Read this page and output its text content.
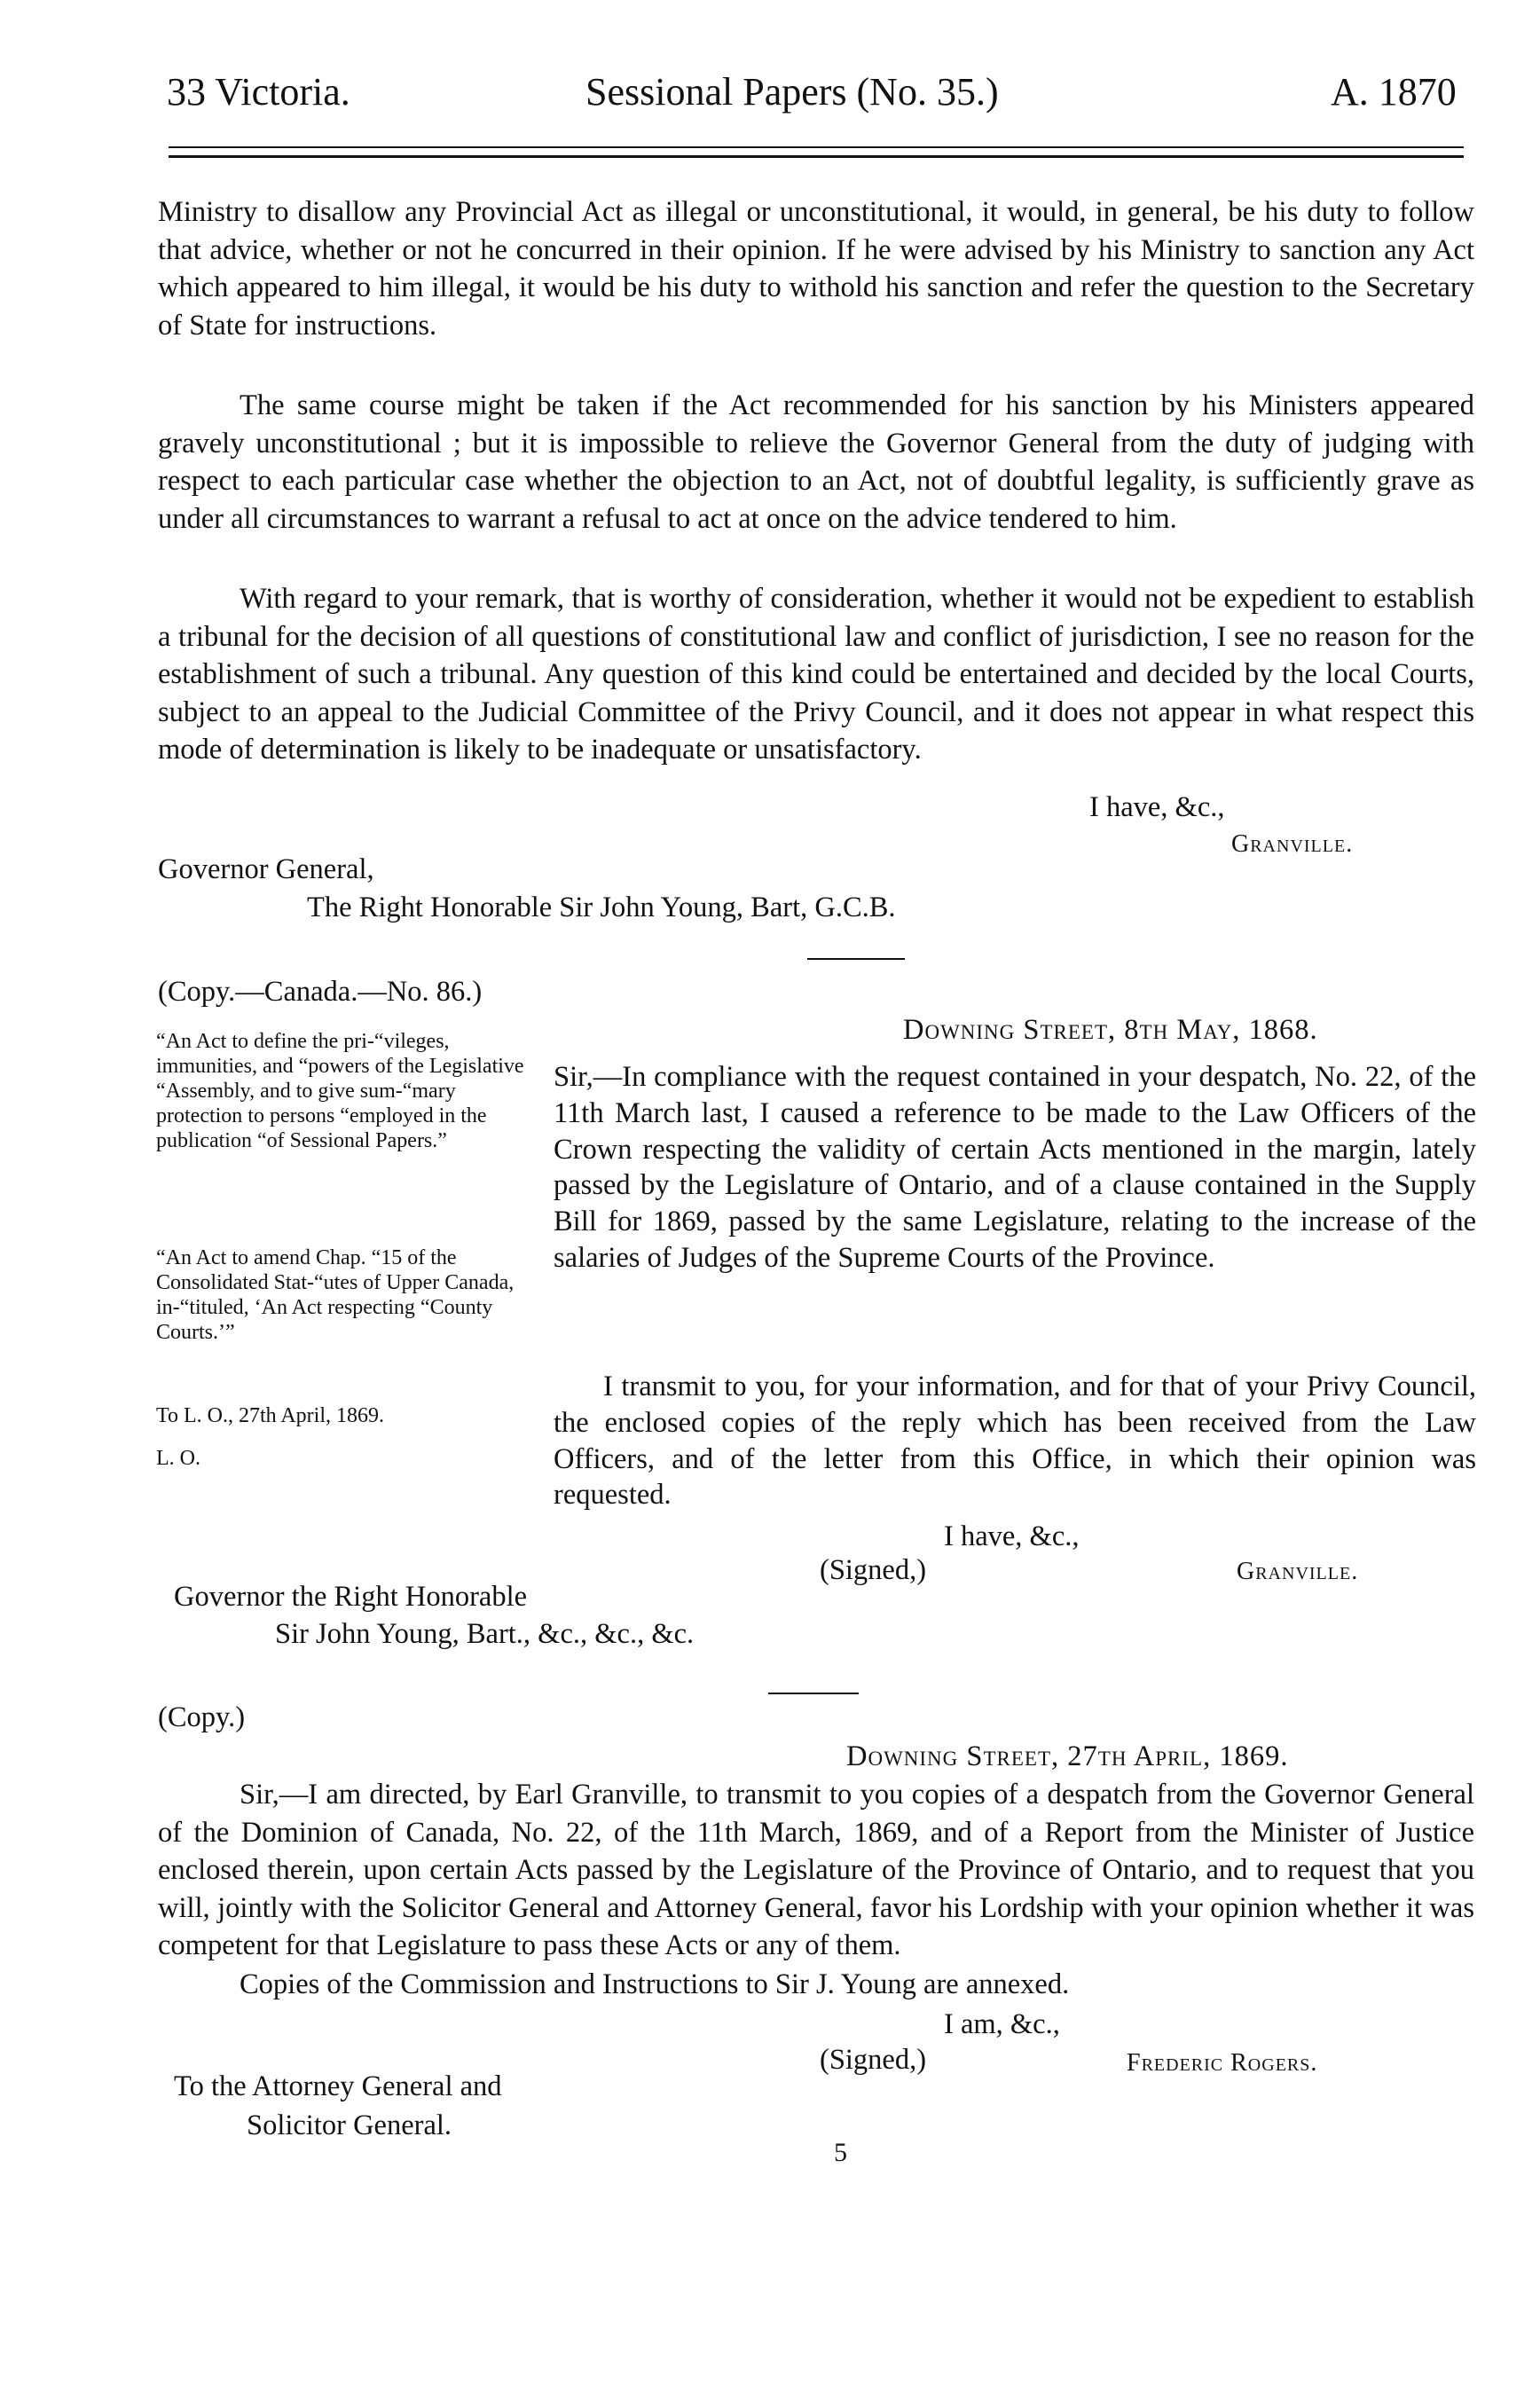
33 Victoria.	Sessional Papers (No. 35.)	A. 1870
Ministry to disallow any Provincial Act as illegal or unconstitutional, it would, in general, be his duty to follow that advice, whether or not he concurred in their opinion. If he were advised by his Ministry to sanction any Act which appeared to him illegal, it would be his duty to withold his sanction and refer the question to the Secretary of State for instructions.
The same course might be taken if the Act recommended for his sanction by his Ministers appeared gravely unconstitutional ; but it is impossible to relieve the Governor General from the duty of judging with respect to each particular case whether the objection to an Act, not of doubtful legality, is sufficiently grave as under all circumstances to warrant a refusal to act at once on the advice tendered to him.
With regard to your remark, that is worthy of consideration, whether it would not be expedient to establish a tribunal for the decision of all questions of constitutional law and conflict of jurisdiction, I see no reason for the establishment of such a tribunal. Any question of this kind could be entertained and decided by the local Courts, subject to an appeal to the Judicial Committee of the Privy Council, and it does not appear in what respect this mode of determination is likely to be inadequate or unsatisfactory.
I have, &c.,
Granville.
Governor General,
The Right Honorable Sir John Young, Bart, G.C.B.
(Copy.—Canada.—No. 86.)
Downing Street, 8th May, 1868.
“An Act to define the pri-“vileges, immunities, and “powers of the Legislative “Assembly, and to give sum-“mary protection to persons “employed in the publication “of Sessional Papers.”
“An Act to amend Chap. “15 of the Consolidated Stat-“utes of Upper Canada, in-“tituled, ‘An Act respecting “County Courts.’”
To L. O., 27th April, 1869.
L. O.
Sir,—In compliance with the request contained in your despatch, No. 22, of the 11th March last, I caused a reference to be made to the Law Officers of the Crown respecting the validity of certain Acts mentioned in the margin, lately passed by the Legislature of Ontario, and of a clause contained in the Supply Bill for 1869, passed by the same Legislature, relating to the increase of the salaries of Judges of the Supreme Courts of the Province.
I transmit to you, for your information, and for that of your Privy Council, the enclosed copies of the reply which has been received from the Law Officers, and of the letter from this Office, in which their opinion was requested.
I have, &c.,
(Signed,)	Granville.
Governor the Right Honorable
Sir John Young, Bart., &c., &c., &c.
(Copy.)
Downing Street, 27th April, 1869.
Sir,—I am directed, by Earl Granville, to transmit to you copies of a despatch from the Governor General of the Dominion of Canada, No. 22, of the 11th March, 1869, and of a Report from the Minister of Justice enclosed therein, upon certain Acts passed by the Legislature of the Province of Ontario, and to request that you will, jointly with the Solicitor General and Attorney General, favor his Lordship with your opinion whether it was competent for that Legislature to pass these Acts or any of them.
Copies of the Commission and Instructions to Sir J. Young are annexed.
I am, &c.,
(Signed,)	Frederic Rogers.
To the Attorney General and
Solicitor General.
5
